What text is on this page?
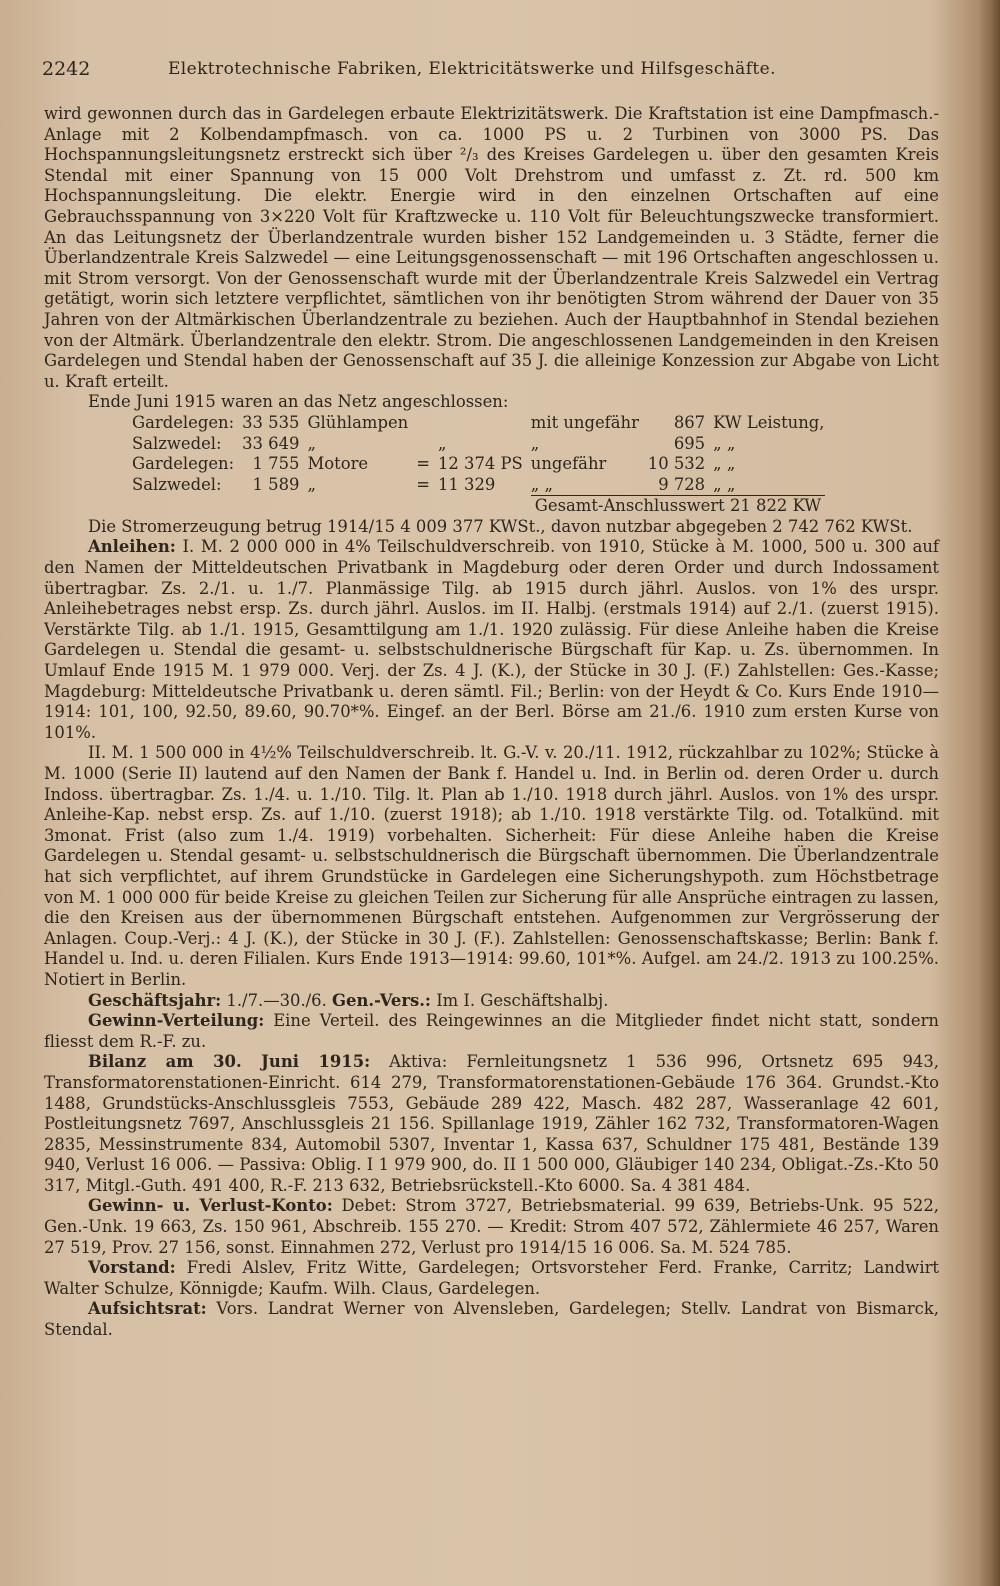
2242	Elektrotechnische Fabriken, Elektricitätswerke und Hilfsgeschäfte.

wird gewonnen durch das in Gardelegen erbaute Elektrizitätswerk. Die Kraftstation ist eine Dampfmasch.-Anlage mit 2 Kolbendampfmasch. von ca. 1000 PS u. 2 Turbinen von 3000 PS. Das Hochspannungsleitungsnetz erstreckt sich über ²/₃ des Kreises Gardelegen u. über den gesamten Kreis Stendal mit einer Spannung von 15 000 Volt Drehstrom und umfasst z. Zt. rd. 500 km Hochspannungsleitung. Die elektr. Energie wird in den einzelnen Ortschaften auf eine Gebrauchsspannung von 3×220 Volt für Kraftzwecke u. 110 Volt für Beleuchtungszwecke transformiert. An das Leitungsnetz der Überlandzentrale wurden bisher 152 Landgemeinden u. 3 Städte, ferner die Überlandzentrale Kreis Salzwedel — eine Leitungsgenossenschaft — mit 196 Ortschaften angeschlossen u. mit Strom versorgt. Von der Genossenschaft wurde mit der Überlandzentrale Kreis Salzwedel ein Vertrag getätigt, worin sich letztere verpflichtet, sämtlichen von ihr benötigten Strom während der Dauer von 35 Jahren von der Altmärkischen Überlandzentrale zu beziehen. Auch der Hauptbahnhof in Stendal beziehen von der Altmärk. Überlandzentrale den elektr. Strom. Die angeschlossenen Landgemeinden in den Kreisen Gardelegen und Stendal haben der Genossenschaft auf 35 J. die alleinige Konzession zur Abgabe von Licht u. Kraft erteilt.

Ende Juni 1915 waren an das Netz angeschlossen:

Gardelegen:	33 535	Glühlampen			mit ungefähr	867	KW Leistung,
Salzwedel:	33 649	„		„	„	695	„ „
Gardelegen:	1 755	Motore	=	12 374 PS	ungefähr	10 532	„ „
Salzwedel:	1 589	„	=	11 329	„ „	9 728	„ „
					Gesamt-Anschlusswert 21 822 KW		

Die Stromerzeugung betrug 1914/15 4 009 377 KWSt., davon nutzbar abgegeben 2 742 762 KWSt.

Anleihen: I. M. 2 000 000 in 4% Teilschuldverschreib. von 1910, Stücke à M. 1000, 500 u. 300 auf den Namen der Mitteldeutschen Privatbank in Magdeburg oder deren Order und durch Indossament übertragbar. Zs. 2./1. u. 1./7. Planmässige Tilg. ab 1915 durch jährl. Auslos. von 1% des urspr. Anleihebetrages nebst ersp. Zs. durch jährl. Auslos. im II. Halbj. (erstmals 1914) auf 2./1. (zuerst 1915). Verstärkte Tilg. ab 1./1. 1915, Gesamttilgung am 1./1. 1920 zulässig. Für diese Anleihe haben die Kreise Gardelegen u. Stendal die gesamt- u. selbstschuldnerische Bürgschaft für Kap. u. Zs. übernommen. In Umlauf Ende 1915 M. 1 979 000. Verj. der Zs. 4 J. (K.), der Stücke in 30 J. (F.) Zahlstellen: Ges.-Kasse; Magdeburg: Mitteldeutsche Privatbank u. deren sämtl. Fil.; Berlin: von der Heydt & Co. Kurs Ende 1910—1914: 101, 100, 92.50, 89.60, 90.70*%. Eingef. an der Berl. Börse am 21./6. 1910 zum ersten Kurse von 101%.

II. M. 1 500 000 in 4½% Teilschuldverschreib. lt. G.-V. v. 20./11. 1912, rückzahlbar zu 102%; Stücke à M. 1000 (Serie II) lautend auf den Namen der Bank f. Handel u. Ind. in Berlin od. deren Order u. durch Indoss. übertragbar. Zs. 1./4. u. 1./10. Tilg. lt. Plan ab 1./10. 1918 durch jährl. Auslos. von 1% des urspr. Anleihe-Kap. nebst ersp. Zs. auf 1./10. (zuerst 1918); ab 1./10. 1918 verstärkte Tilg. od. Totalkünd. mit 3monat. Frist (also zum 1./4. 1919) vorbehalten. Sicherheit: Für diese Anleihe haben die Kreise Gardelegen u. Stendal gesamt- u. selbstschuldnerisch die Bürgschaft übernommen. Die Überlandzentrale hat sich verpflichtet, auf ihrem Grundstücke in Gardelegen eine Sicherungshypoth. zum Höchstbetrage von M. 1 000 000 für beide Kreise zu gleichen Teilen zur Sicherung für alle Ansprüche eintragen zu lassen, die den Kreisen aus der übernommenen Bürgschaft entstehen. Aufgenommen zur Vergrösserung der Anlagen. Coup.-Verj.: 4 J. (K.), der Stücke in 30 J. (F.). Zahlstellen: Genossenschaftskasse; Berlin: Bank f. Handel u. Ind. u. deren Filialen. Kurs Ende 1913—1914: 99.60, 101*%. Aufgel. am 24./2. 1913 zu 100.25%. Notiert in Berlin.

Geschäftsjahr: 1./7.—30./6. Gen.-Vers.: Im I. Geschäftshalbj.

Gewinn-Verteilung: Eine Verteil. des Reingewinnes an die Mitglieder findet nicht statt, sondern fliesst dem R.-F. zu.

Bilanz am 30. Juni 1915: Aktiva: Fernleitungsnetz 1 536 996, Ortsnetz 695 943, Transformatorenstationen-Einricht. 614 279, Transformatorenstationen-Gebäude 176 364. Grundst.-Kto 1488, Grundstücks-Anschlussgleis 7553, Gebäude 289 422, Masch. 482 287, Wasseranlage 42 601, Postleitungsnetz 7697, Anschlussgleis 21 156. Spillanlage 1919, Zähler 162 732, Transformatoren-Wagen 2835, Messinstrumente 834, Automobil 5307, Inventar 1, Kassa 637, Schuldner 175 481, Bestände 139 940, Verlust 16 006. — Passiva: Oblig. I 1 979 900, do. II 1 500 000, Gläubiger 140 234, Obligat.-Zs.-Kto 50 317, Mitgl.-Guth. 491 400, R.-F. 213 632, Betriebsrückstell.-Kto 6000. Sa. 4 381 484.

Gewinn- u. Verlust-Konto: Debet: Strom 3727, Betriebsmaterial. 99 639, Betriebs-Unk. 95 522, Gen.-Unk. 19 663, Zs. 150 961, Abschreib. 155 270. — Kredit: Strom 407 572, Zählermiete 46 257, Waren 27 519, Prov. 27 156, sonst. Einnahmen 272, Verlust pro 1914/15 16 006. Sa. M. 524 785.

Vorstand: Fredi Alslev, Fritz Witte, Gardelegen; Ortsvorsteher Ferd. Franke, Carritz; Landwirt Walter Schulze, Könnigde; Kaufm. Wilh. Claus, Gardelegen.

Aufsichtsrat: Vors. Landrat Werner von Alvensleben, Gardelegen; Stellv. Landrat von Bismarck, Stendal.
